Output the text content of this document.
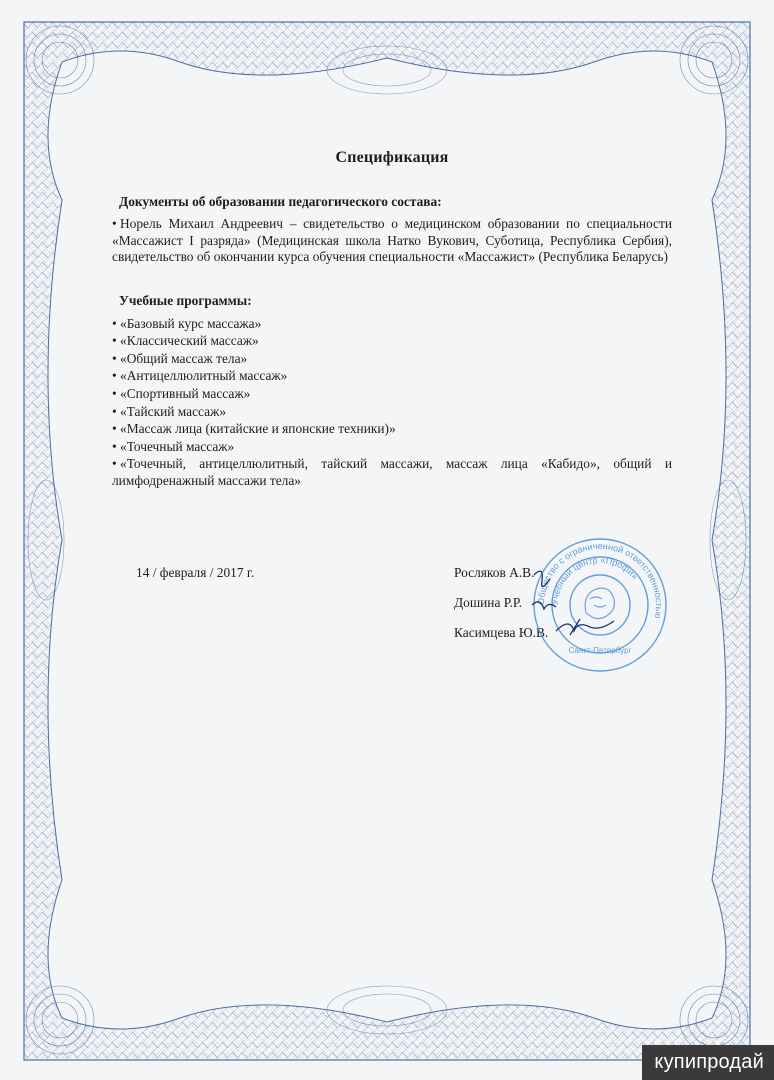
Спецификация
Документы об образовании педагогического состава:
• Норель Михаил Андреевич – свидетельство о медицинском образовании по специальности «Массажист I разряда» (Медицинская школа Натко Вукович, Суботица, Республика Сербия), свидетельство об окончании курса обучения специальности «Массажист» (Республика Беларусь)
Учебные программы:
• «Базовый курс массажа»
• «Классический массаж»
• «Общий массаж тела»
• «Антицеллюлитный массаж»
• «Спортивный массаж»
• «Тайский массаж»
• «Массаж лица (китайские и японские техники)»
• «Точечный массаж»
• «Точечный, антицеллюлитный, тайский массажи, массаж лица «Кабидо», общий и лимфодренажный массажи тела»
14 / февраля / 2017 г.	Росляков А.В.
Дошина Р.Р.
Касимцева Ю.В.
Общество с ограниченной ответственностью
Учебный центр «Профи»
Санкт-Петербург
купипродай
